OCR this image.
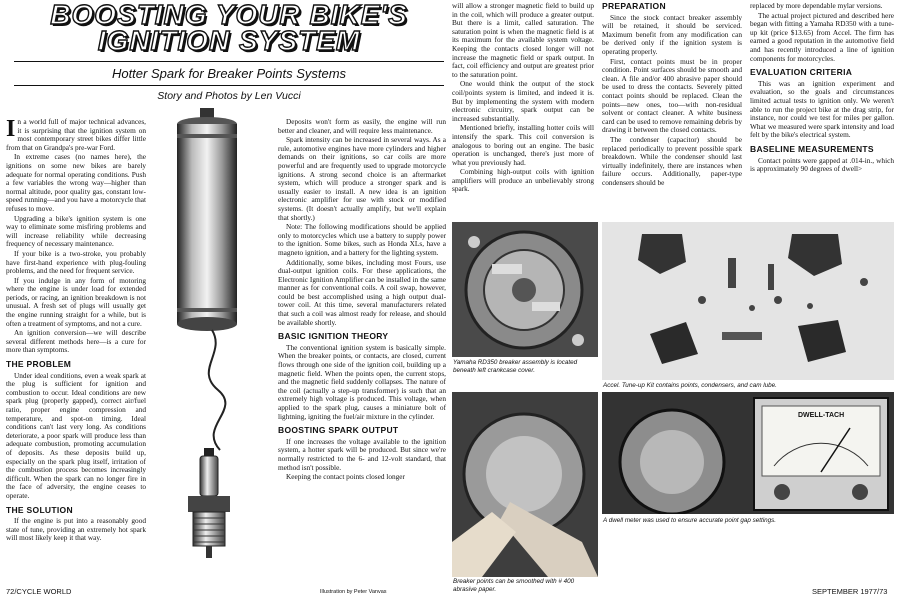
BOOSTING YOUR BIKE'S
IGNITION SYSTEM
Hotter Spark for Breaker Points Systems
Story and Photos by Len Vucci

In a world full of major technical advances, it is surprising that the ignition system on most contemporary street bikes differ little from that on Grandpa's pre-war Ford.

In extreme cases (no names here), the ignitions on some new bikes are barely adequate for normal operating conditions. Push a few variables the wrong way—higher than normal altitude, poor quality gas, constant low-speed running—and you have a motorcycle that refuses to move.

Upgrading a bike's ignition system is one way to eliminate some misfiring problems and will increase reliability while decreasing frequency of necessary maintenance.

If your bike is a two-stroke, you probably have first-hand experience with plug-fouling problems, and the need for frequent service.

If you indulge in any form of motoring where the engine is under load for extended periods, or racing, an ignition breakdown is not unusual. A fresh set of plugs will usually get the engine running straight for a while, but is often a treatment of symptoms, and not a cure.

An ignition conversion—we will describe several different methods here—is a cure for more than symptoms.

THE PROBLEM

Under ideal conditions, even a weak spark at the plug is sufficient for ignition and combustion to occur. Ideal conditions are new spark plug (properly gapped), correct air/fuel ratio, proper engine compression and temperature, and spot-on timing. Ideal conditions can't last very long. As conditions deteriorate, a poor spark will produce less than adequate combustion, promoting accumulation of deposits. As these deposits build up, especially on the spark plug itself, irritation of the combustion process becomes increasingly difficult. When the spark can no longer fire in the face of adversity, the engine ceases to operate.

THE SOLUTION

If the engine is put into a reasonably good state of tune, providing an extremely hot spark will most likely keep it that way.

Deposits won't form as easily, the engine will run better and cleaner, and will require less maintenance.

Spark intensity can be increased in several ways. As a rule, automotive engines have more cylinders and higher demands on their ignitions, so car coils are more powerful and are frequently used to upgrade motorcycle ignitions. A strong second choice is an aftermarket system, which will produce a stronger spark and is usually easier to install. A new idea is an ignition electronic amplifier for use with stock or modified systems. (It doesn't actually amplify, but we'll explain that shortly.)

Note: The following modifications should be applied only to motorcycles which use a battery to supply power to the ignition. Some bikes, such as Honda XLs, have a magneto ignition, and a battery for the lighting system.

Additionally, some bikes, including most Fours, use dual-output ignition coils. For these applications, the Electronic Ignition Amplifier can be installed in the same manner as for conventional coils. A coil swap, however, could be best accomplished using a high output dual-tower coil. At this time, several manufacturers related that such a coil was almost ready for release, and should be available shortly.

BASIC IGNITION THEORY

The conventional ignition system is basically simple. When the breaker points, or contacts, are closed, current flows through one side of the ignition coil, building up a magnetic field. When the points open, the current stops, and the magnetic field suddenly collapses. The nature of the coil (actually a step-up transformer) is such that an extremely high voltage is produced. This voltage, when applied to the spark plug, causes a miniature bolt of lightning, igniting the fuel/air mixture in the cylinder.

BOOSTING SPARK OUTPUT

If one increases the voltage available to the ignition system, a hotter spark will be produced. But since we're normally restricted to the 6- and 12-volt standard, that method isn't possible.

Keeping the contact points closed longer

will allow a stronger magnetic field to build up in the coil, which will produce a greater output. But there is a limit, called saturation. The saturation point is when the magnetic field is at its maximum for the available system voltage. Keeping the contacts closed longer will not increase the magnetic field or spark output. In fact, coil efficiency and output are greatest prior to the saturation point.

One would think the output of the stock coil/points system is limited, and indeed it is. But by implementing the system with modern electronic circuitry, spark output can be increased substantially.

Mentioned briefly, installing hotter coils will intensify the spark. This coil conversion is analogous to boring out an engine. The basic operation is unchanged, there's just more of what you previously had.

Combining high-output coils with ignition amplifiers will produce an unbelievably strong spark.

PREPARATION

Since the stock contact breaker assembly will be retained, it should be serviced. Maximum benefit from any modification can be derived only if the ignition system is operating properly.

First, contact points must be in proper condition. Point surfaces should be smooth and clean. A file and/or 400 abrasive paper should be used to dress the contacts. Severely pitted contact points should be replaced. Clean the points—new ones, too—with non-residual solvent or contact cleaner. A white business card can be used to remove remaining debris by drawing it between the closed contacts.

The condenser (capacitor) should be replaced periodically to prevent possible spark breakdown. While the condenser should last virtually indefinitely, there are instances when failure occurs. Additionally, paper-type condensers should be

replaced by more dependable mylar versions.

The actual project pictured and described here began with fitting a Yamaha RD350 with a tune-up kit (price $13.65) from Accel. The firm has earned a good reputation in the automotive field and has recently introduced a line of ignition components for motorcycles.

EVALUATION CRITERIA

This was an ignition experiment and evaluation, so the goals and circumstances limited actual tests to ignition only. We weren't able to run the project bike at the drag strip, for instance, nor could we test for miles per gallon. What we measured were spark intensity and load felt by the bike's electrical system.

BASELINE MEASUREMENTS

Contact points were gapped at .014-in., which is approximately 90 degrees of dwell>

Yamaha RD350 breaker assembly is located beneath left crankcase cover.
Accel. Tune-up Kit contains points, condensers, and cam lube.
Breaker points can be smoothed with # 400 abrasive paper.
DWELL-TACH
A dwell meter was used to ensure accurate point gap settings.
72/CYCLE WORLD	Illustration by Peter Vanvas	SEPTEMBER 1977/73
